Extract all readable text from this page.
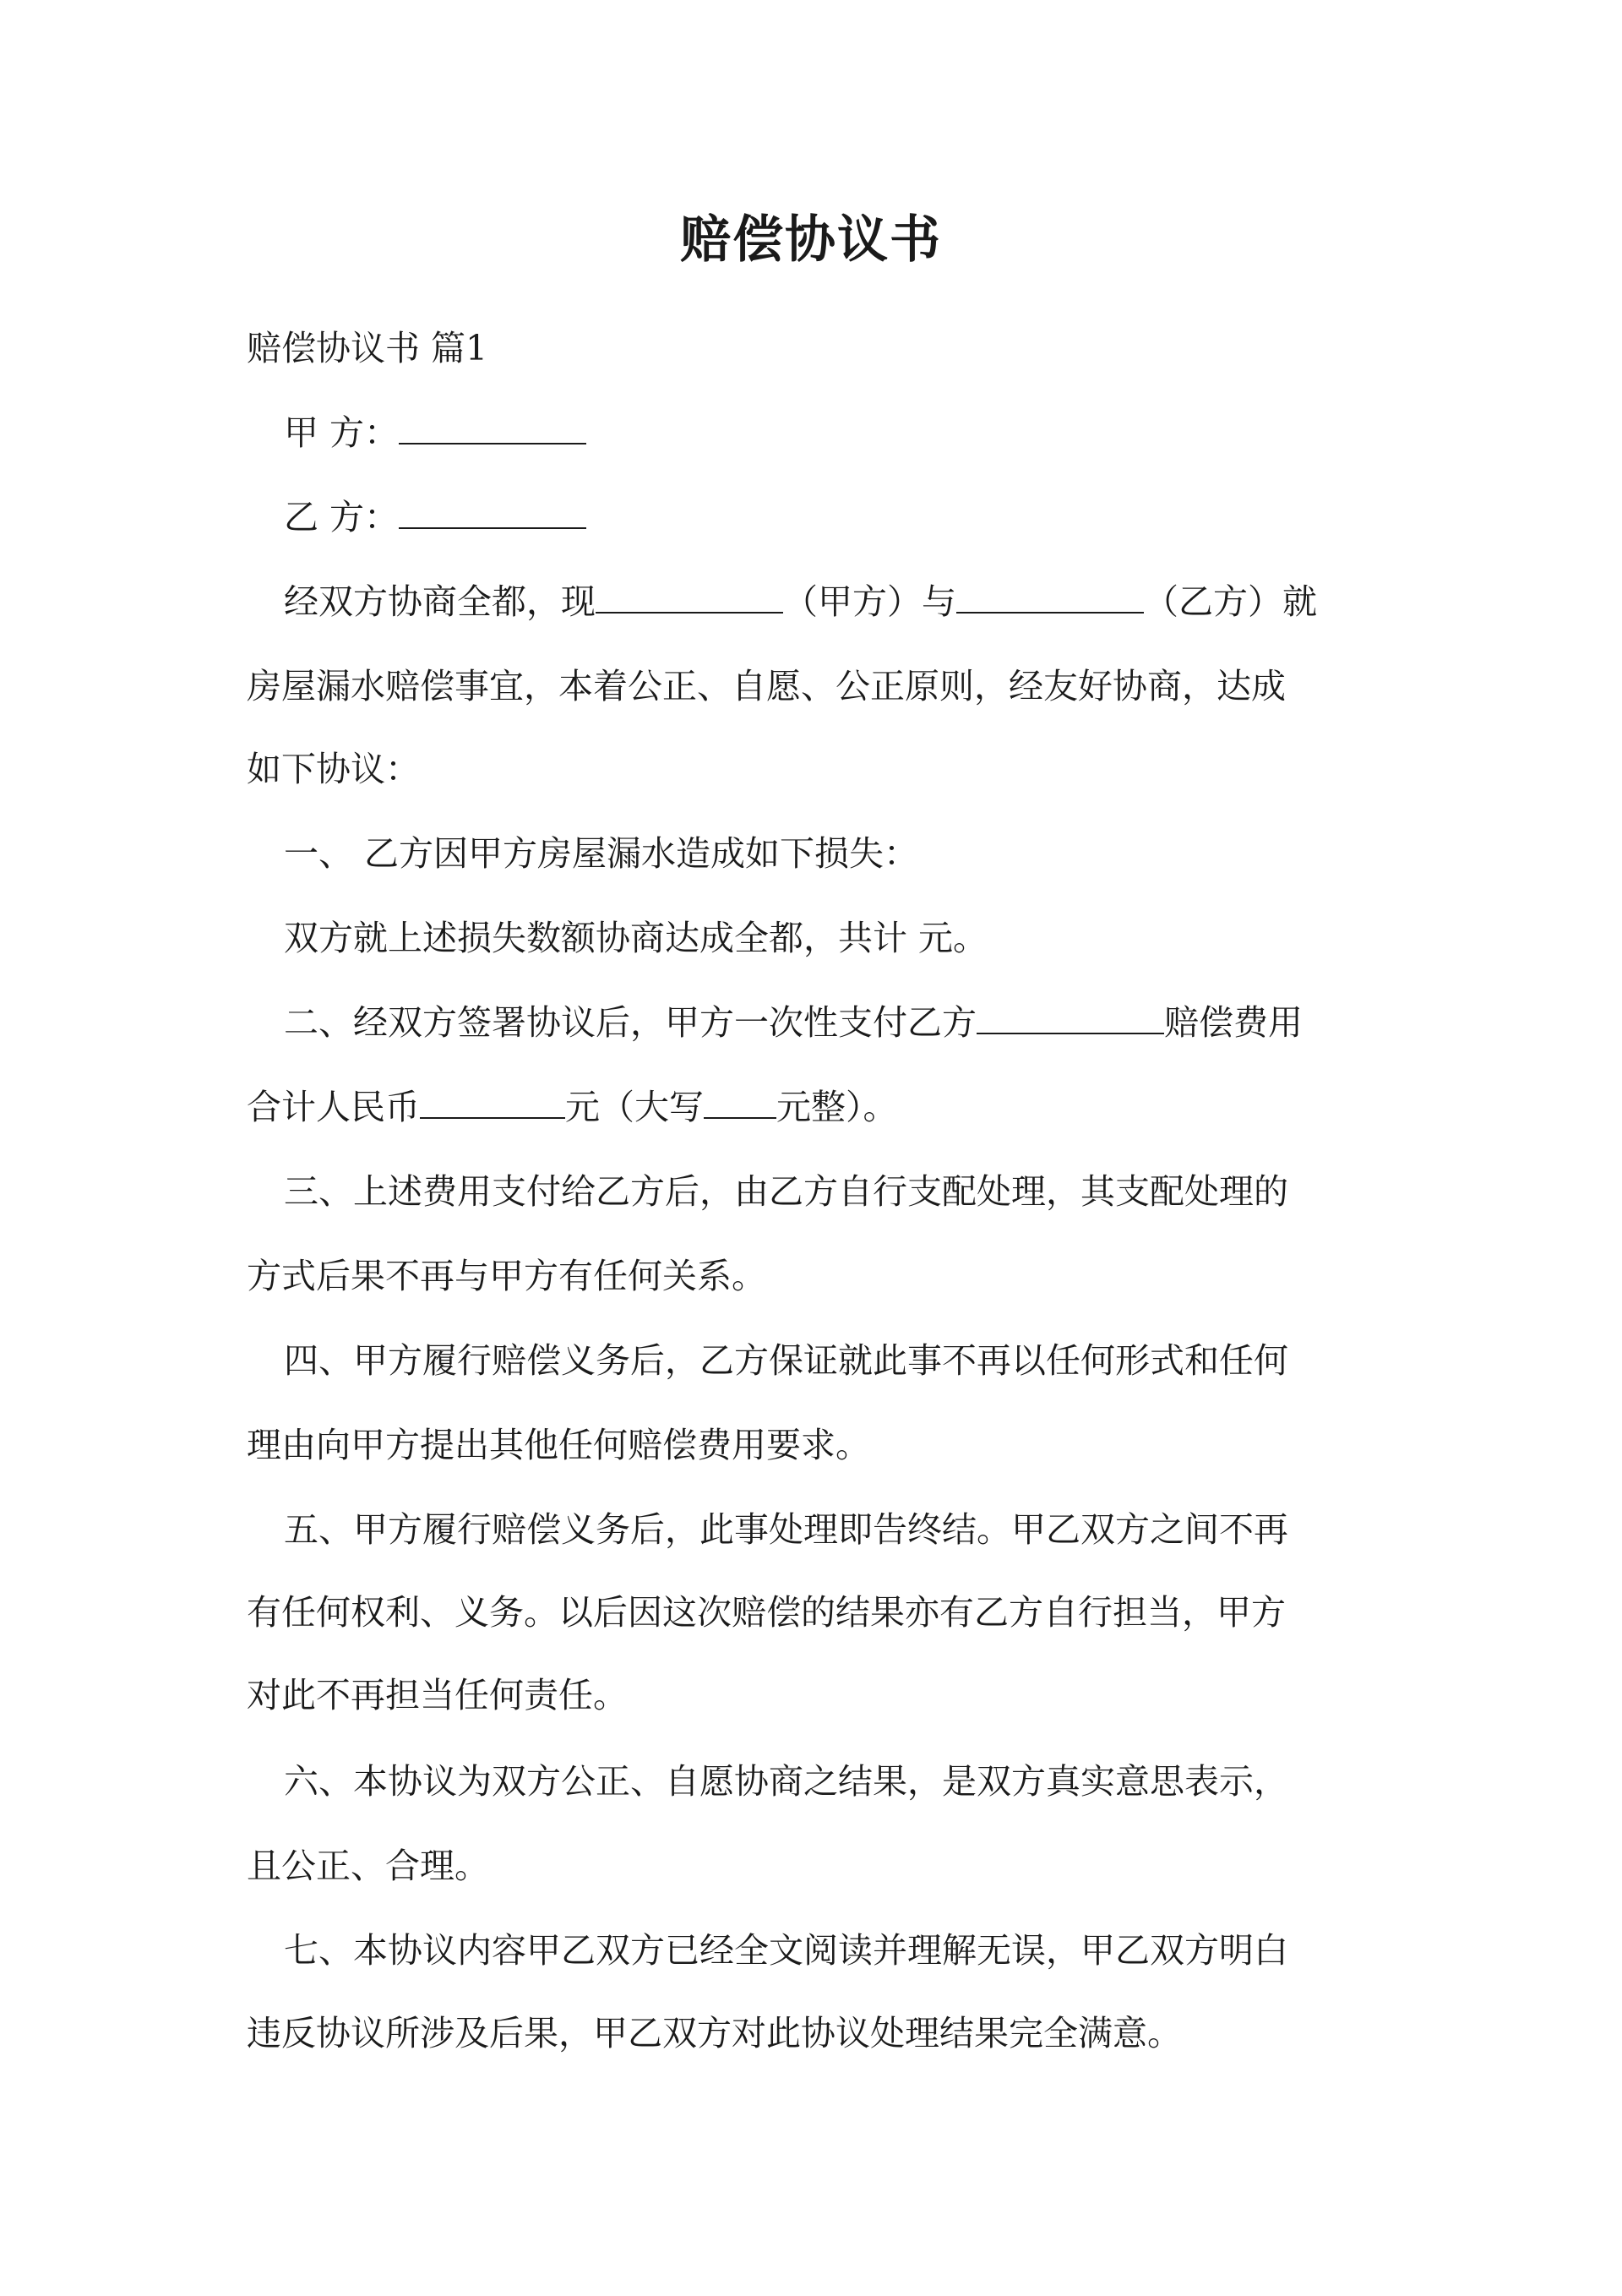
赔偿协议书
赔偿协议书 篇1
甲 方：
乙 方：
经双方协商全都，现	（甲方）与	（乙方）就
房屋漏水赔偿事宜，本着公正、自愿、公正原则，经友好协商，达成
如下协议：
一、 乙方因甲方房屋漏水造成如下损失：
双方就上述损失数额协商达成全都，共计 元。
二、经双方签署协议后，甲方一次性支付乙方	赔偿费用
合计人民币	元（大写 元整）。
三、上述费用支付给乙方后，由乙方自行支配处理，其支配处理的
方式后果不再与甲方有任何关系。
四、甲方履行赔偿义务后，乙方保证就此事不再以任何形式和任何
理由向甲方提出其他任何赔偿费用要求。
五、甲方履行赔偿义务后，此事处理即告终结。甲乙双方之间不再
有任何权利、义务。以后因这次赔偿的结果亦有乙方自行担当，甲方
对此不再担当任何责任。
六、本协议为双方公正、自愿协商之结果，是双方真实意思表示，
且公正、合理。
七、本协议内容甲乙双方已经全文阅读并理解无误，甲乙双方明白
违反协议所涉及后果，甲乙双方对此协议处理结果完全满意。
